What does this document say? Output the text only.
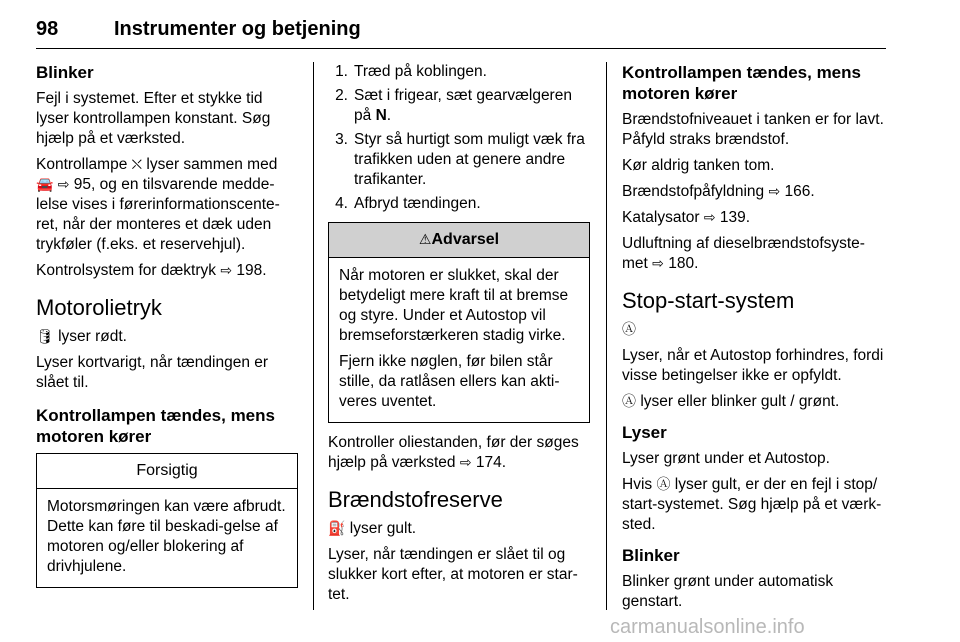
98	Instrumenter og betjening
Blinker

Fejl i systemet. Efter et stykke tid lyser kontrollampen konstant. Søg hjælp på et værksted.

Kontrollampe ⛌ lyser sammen med 🚘 ⇨ 95, og en tilsvarende medde-lelse vises i førerinformationscente-ret, når der monteres et dæk uden trykføler (f.eks. et reservehjul).

Kontrolsystem for dæktryk ⇨ 198.

Motorolietryk

🛢 lyser rødt.

Lyser kortvarigt, når tændingen er slået til.

Kontrollampen tændes, mens motoren kører
Forsigtig

Motorsmøringen kan være afbrudt. Dette kan føre til beskadi-gelse af motoren og/eller blokering af drivhjulene.

1. Træd på koblingen.
2. Sæt i frigear, sæt gearvælgeren på N.
3. Styr så hurtigt som muligt væk fra trafikken uden at genere andre trafikanter.
4. Afbryd tændingen.
⚠Advarsel

Når motoren er slukket, skal der betydeligt mere kraft til at bremse og styre. Under et Autostop vil bremseforstærkeren stadig virke.

Fjern ikke nøglen, før bilen står stille, da ratlåsen ellers kan akti-veres uventet.

Kontroller oliestanden, før der søges hjælp på værksted ⇨ 174.

Brændstofreserve

⛽ lyser gult.

Lyser, når tændingen er slået til og slukker kort efter, at motoren er star-tet.

Kontrollampen tændes, mens motoren kører

Brændstofniveauet i tanken er for lavt. Påfyld straks brændstof.

Kør aldrig tanken tom.

Brændstofpåfyldning ⇨ 166.

Katalysator ⇨ 139.

Udluftning af dieselbrændstofsyste-met ⇨ 180.

Stop-start-system

Ⓐ

Lyser, når et Autostop forhindres, fordi visse betingelser ikke er opfyldt.

Ⓐ lyser eller blinker gult / grønt.

Lyser

Lyser grønt under et Autostop.

Hvis Ⓐ lyser gult, er der en fejl i stop/ start-systemet. Søg hjælp på et værk-sted.

Blinker

Blinker grønt under automatisk genstart.

carmanualsonline.info
